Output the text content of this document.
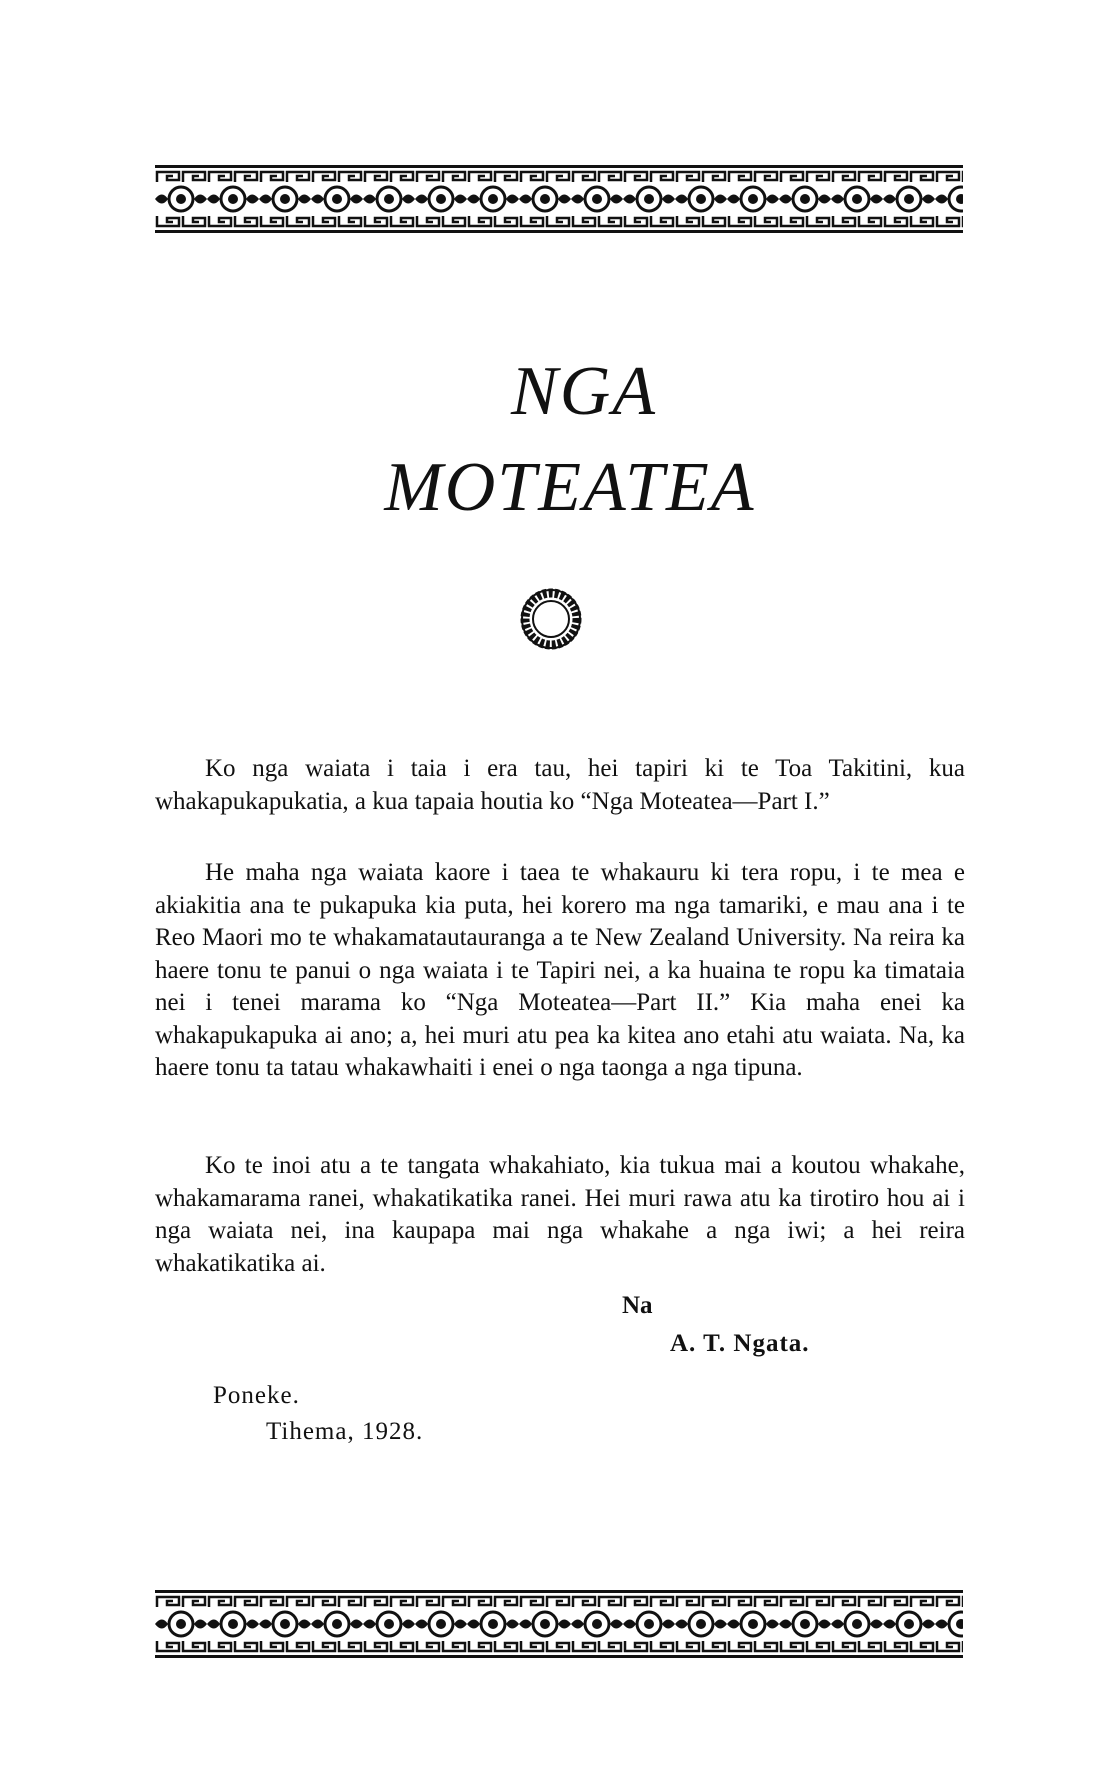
NGA
MOTEATEA

Ko nga waiata i taia i era tau, hei tapiri ki te Toa Takitini, kua whakapukapukatia, a kua tapaia houtia ko “Nga Moteatea—Part I.”

He maha nga waiata kaore i taea te whakauru ki tera ropu, i te mea e akiakitia ana te pukapuka kia puta, hei korero ma nga tamariki, e mau ana i te Reo Maori mo te whakamatautauranga a te New Zealand University. Na reira ka haere tonu te panui o nga waiata i te Tapiri nei, a ka huaina te ropu ka timataia nei i tenei marama ko “Nga Moteatea—Part II.” Kia maha enei ka whakapukapuka ai ano; a, hei muri atu pea ka kitea ano etahi atu waiata. Na, ka haere tonu ta tatau whakawhaiti i enei o nga taonga a nga tipuna.

Ko te inoi atu a te tangata whakahiato, kia tukua mai a koutou whakahe, whakamarama ranei, whakatikatika ranei. Hei muri rawa atu ka tirotiro hou ai i nga waiata nei, ina kaupapa mai nga whakahe a nga iwi; a hei reira whakatikatika ai.

Na
A. T. Ngata.
Poneke.
Tihema, 1928.
